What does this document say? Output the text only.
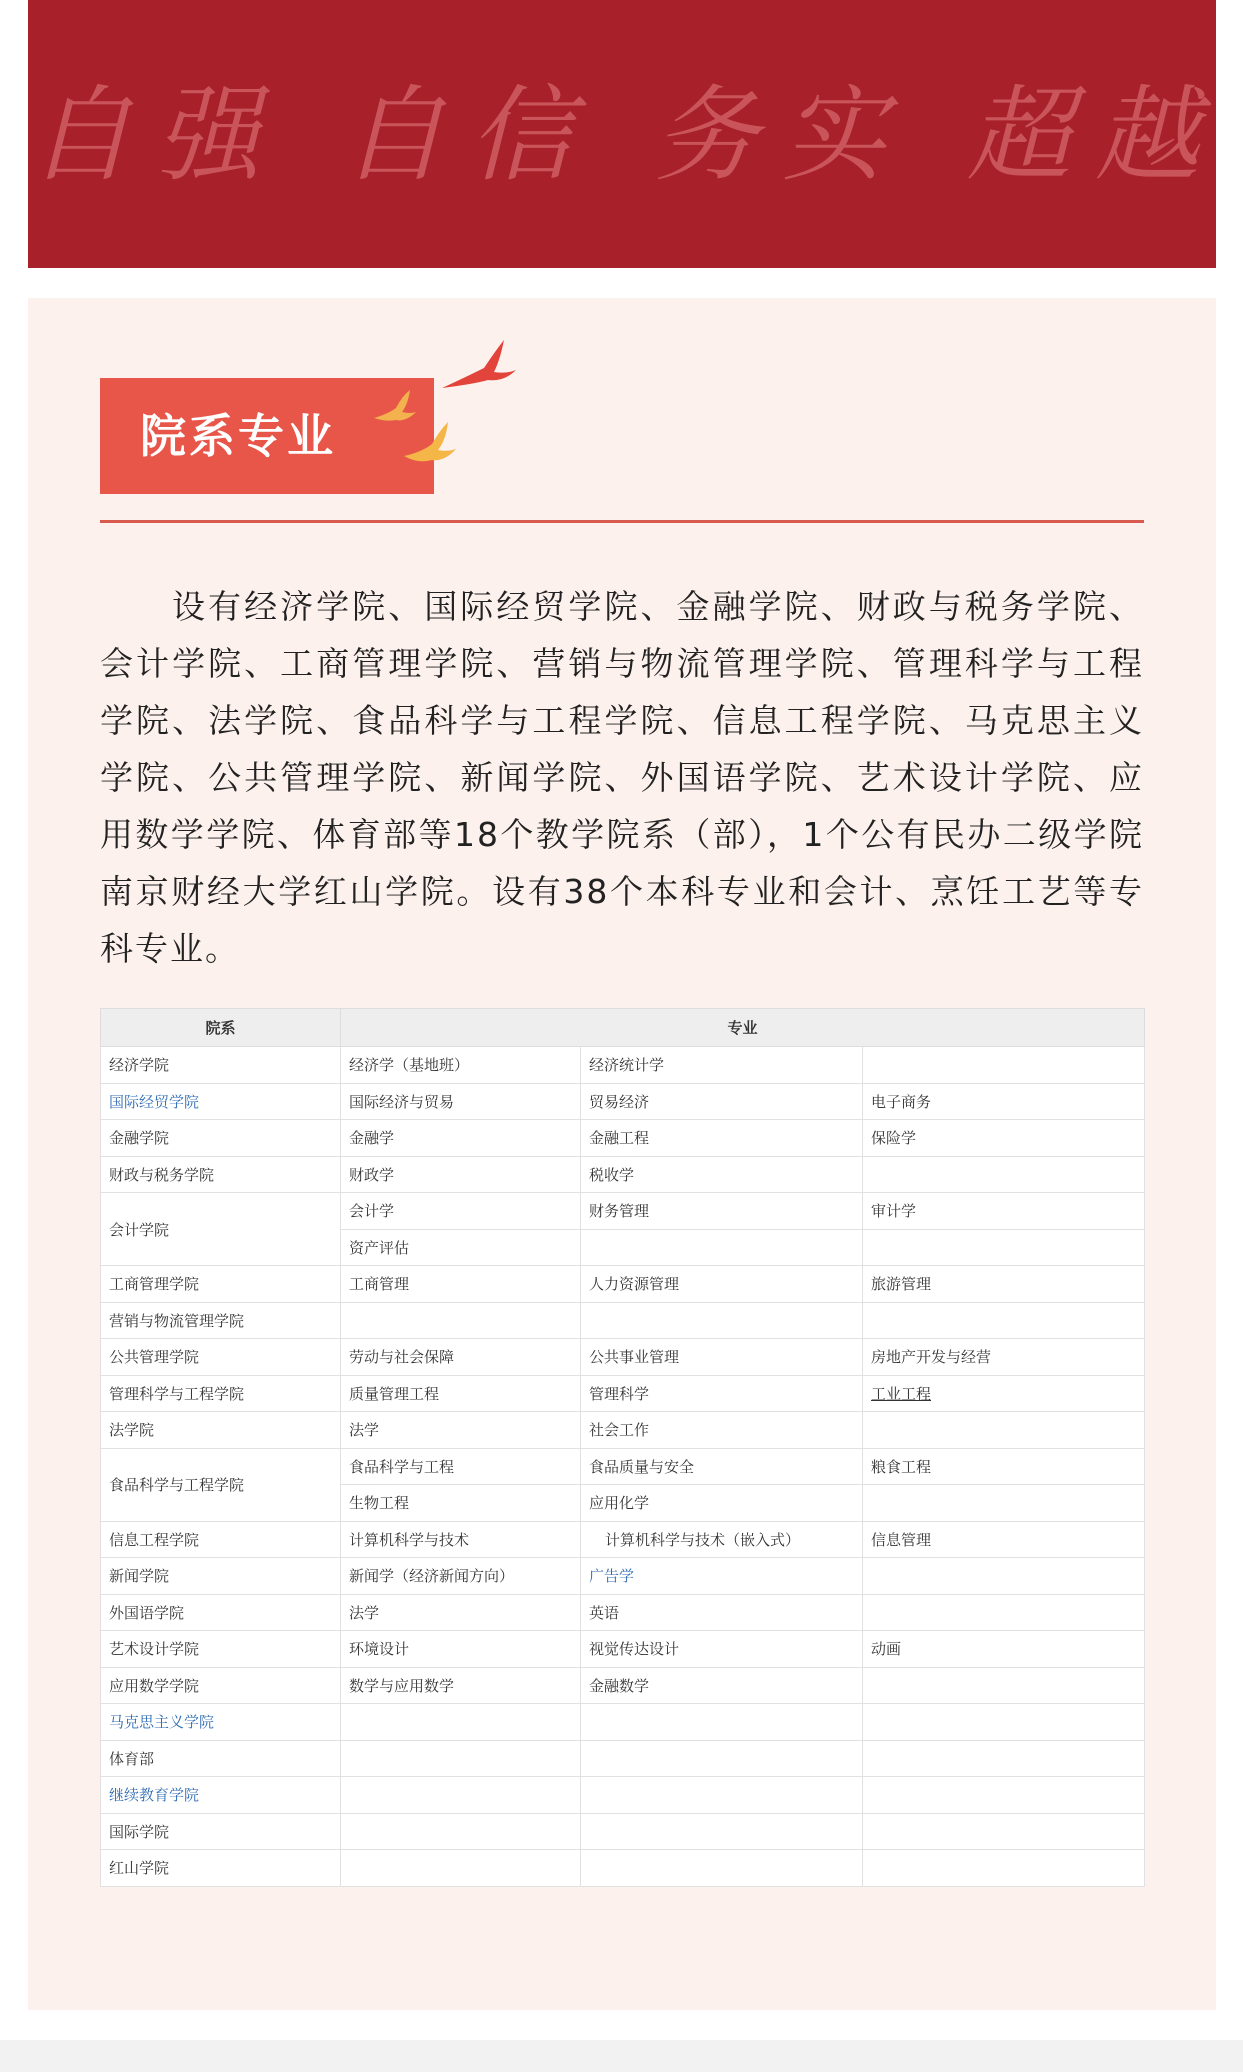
自强 自信 务实 超越
院系专业

设有经济学院、国际经贸学院、金融学院、财政与税务学院、会计学院、工商管理学院、营销与物流管理学院、管理科学与工程学院、法学院、食品科学与工程学院、信息工程学院、马克思主义学院、公共管理学院、新闻学院、外国语学院、艺术设计学院、应用数学学院、体育部等18个教学院系（部），1个公有民办二级学院南京财经大学红山学院。设有38个本科专业和会计、烹饪工艺等专科专业。

院系	专业		
经济学院	经济学（基地班）	经济统计学	
国际经贸学院	国际经济与贸易	贸易经济	电子商务
金融学院	金融学	金融工程	保险学
财政与税务学院	财政学	税收学	
会计学院	会计学	财务管理	审计学
	资产评估		
工商管理学院	工商管理	人力资源管理	旅游管理
营销与物流管理学院			
公共管理学院	劳动与社会保障	公共事业管理	房地产开发与经营
管理科学与工程学院	质量管理工程	管理科学	工业工程
法学院	法学	社会工作	
食品科学与工程学院	食品科学与工程	食品质量与安全	粮食工程
	生物工程	应用化学	
信息工程学院	计算机科学与技术	计算机科学与技术（嵌入式）	信息管理
新闻学院	新闻学（经济新闻方向）	广告学	
外国语学院	法学	英语	
艺术设计学院	环境设计	视觉传达设计	动画
应用数学学院	数学与应用数学	金融数学	
马克思主义学院			
体育部			
继续教育学院			
国际学院			
红山学院			
